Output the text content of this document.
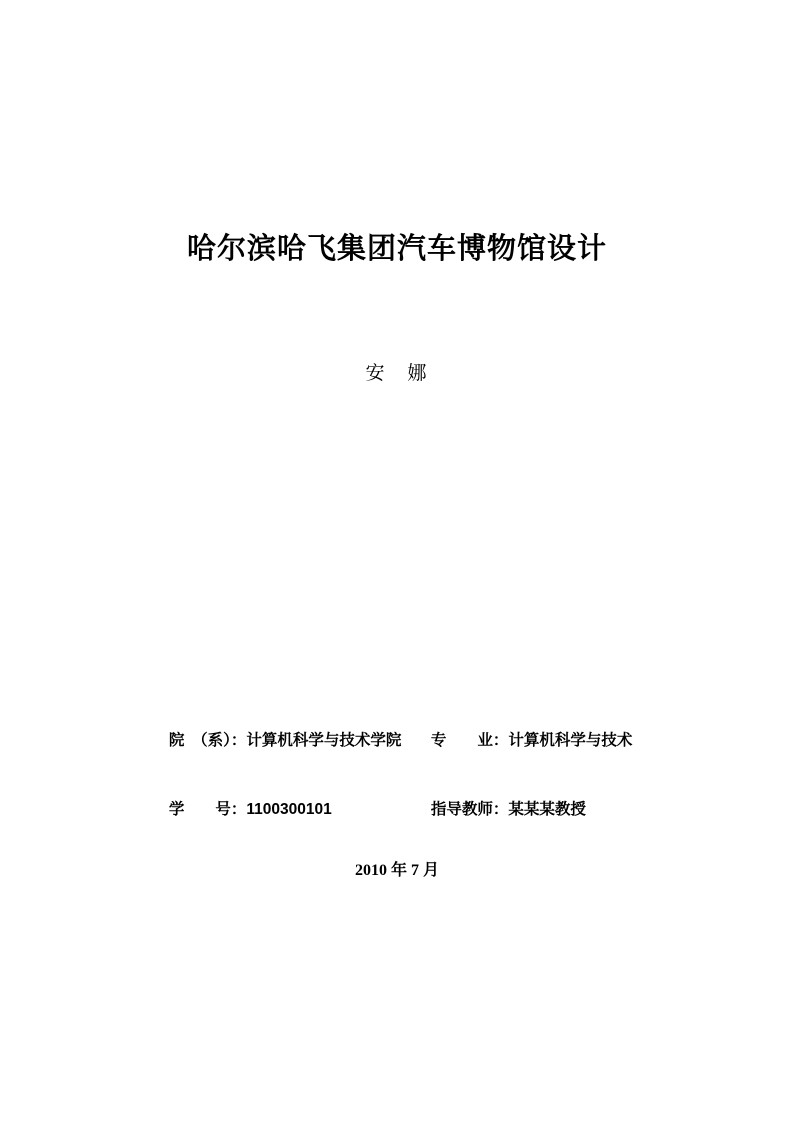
哈尔滨哈飞集团汽车博物馆设计
安　娜

院　（系）：计算机科学与技术学院 专　　业：计算机科学与技术

学　　号：1100300101	指导教师：某某某教授

2010 年 7 月
